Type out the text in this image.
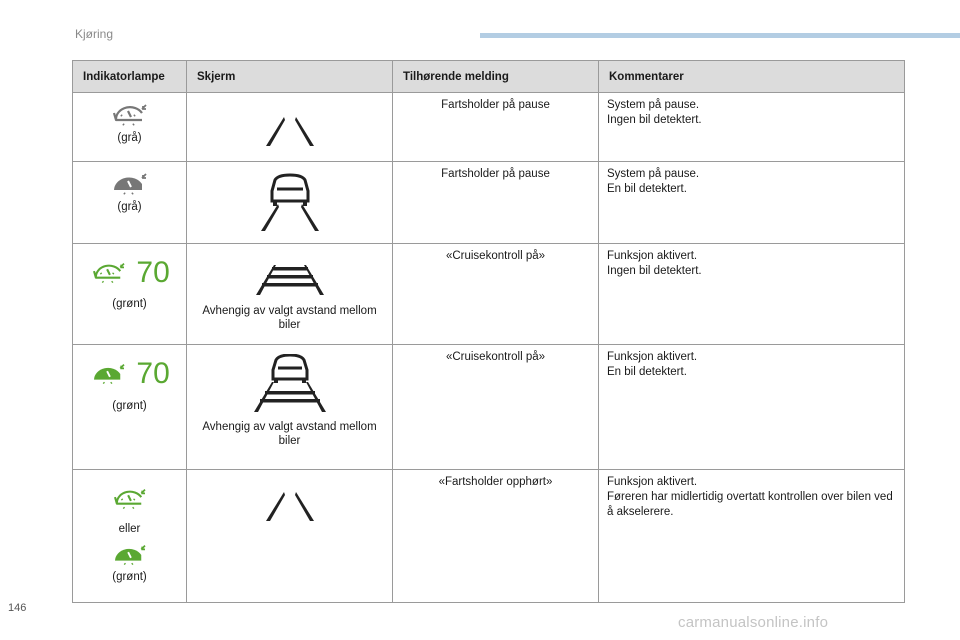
Kjøring
Indikatorlampe	Skjerm	Tilhørende melding	Kommentarer

(grå)		Fartsholder på pause	System på pause.
Ingen bil detektert.

(grå)		Fartsholder på pause	System på pause.
En bil detektert.

70
(grønt)	Avhengig av valgt avstand mellom biler	«Cruisekontroll på»	Funksjon aktivert.
Ingen bil detektert.

70
(grønt)	Avhengig av valgt avstand mellom biler	«Cruisekontroll på»	Funksjon aktivert.
En bil detektert.

eller
(grønt)		«Fartsholder opphørt»	Funksjon aktivert.
Føreren har midlertidig overtatt kontrollen over bilen ved å akselerere.
146
carmanualsonline.info
